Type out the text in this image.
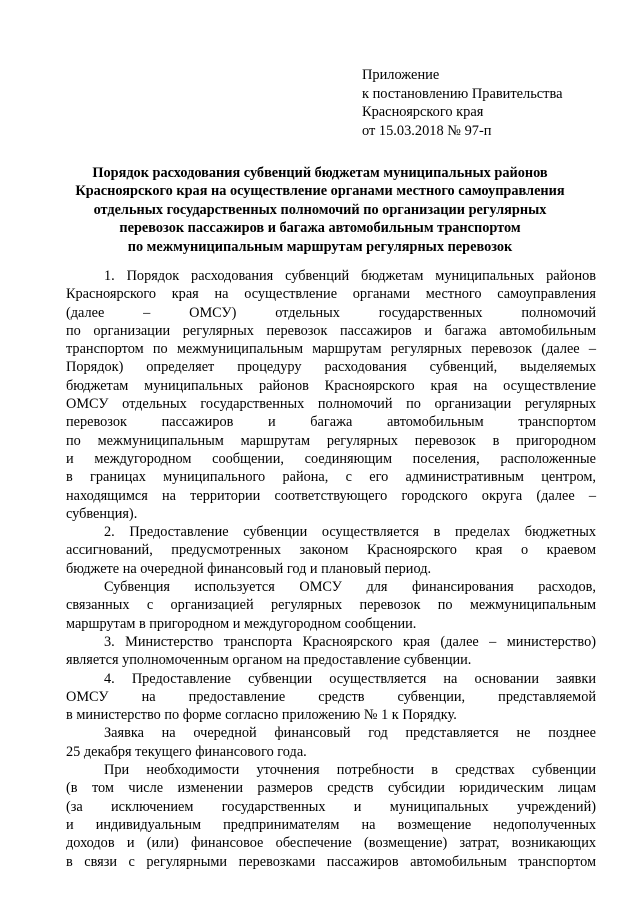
Приложение
к постановлению Правительства
Красноярского края
от 15.03.2018 № 97-п
Порядок расходования субвенций бюджетам муниципальных районов
Красноярского края на осуществление органами местного самоуправления
отдельных государственных полномочий по организации регулярных
перевозок пассажиров и багажа автомобильным транспортом
по межмуниципальным маршрутам регулярных перевозок

1. Порядок расходования субвенций бюджетам муниципальных районов
Красноярского края на осуществление органами местного самоуправления
(далее – ОМСУ) отдельных государственных полномочий
по организации регулярных перевозок пассажиров и багажа автомобильным
транспортом по межмуниципальным маршрутам регулярных перевозок (далее –
Порядок) определяет процедуру расходования субвенций, выделяемых
бюджетам муниципальных районов Красноярского края на осуществление
ОМСУ отдельных государственных полномочий по организации регулярных
перевозок пассажиров и багажа автомобильным транспортом
по межмуниципальным маршрутам регулярных перевозок в пригородном
и междугородном сообщении, соединяющим поселения, расположенные
в границах муниципального района, с его административным центром,
находящимся на территории соответствующего городского округа (далее –
субвенция).

2. Предоставление субвенции осуществляется в пределах бюджетных
ассигнований, предусмотренных законом Красноярского края о краевом
бюджете на очередной финансовый год и плановый период.

Субвенция используется ОМСУ для финансирования расходов,
связанных с организацией регулярных перевозок по межмуниципальным
маршрутам в пригородном и междугородном сообщении.

3. Министерство транспорта Красноярского края (далее – министерство)
является уполномоченным органом на предоставление субвенции.

4. Предоставление субвенции осуществляется на основании заявки
ОМСУ на предоставление средств субвенции, представляемой
в министерство по форме согласно приложению № 1 к Порядку.

Заявка на очередной финансовый год представляется не позднее
25 декабря текущего финансового года.

При необходимости уточнения потребности в средствах субвенции
(в том числе изменении размеров средств субсидии юридическим лицам
(за исключением государственных и муниципальных учреждений)
и индивидуальным предпринимателям на возмещение недополученных
доходов и (или) финансовое обеспечение (возмещение) затрат, возникающих
в связи с регулярными перевозками пассажиров автомобильным транспортом
